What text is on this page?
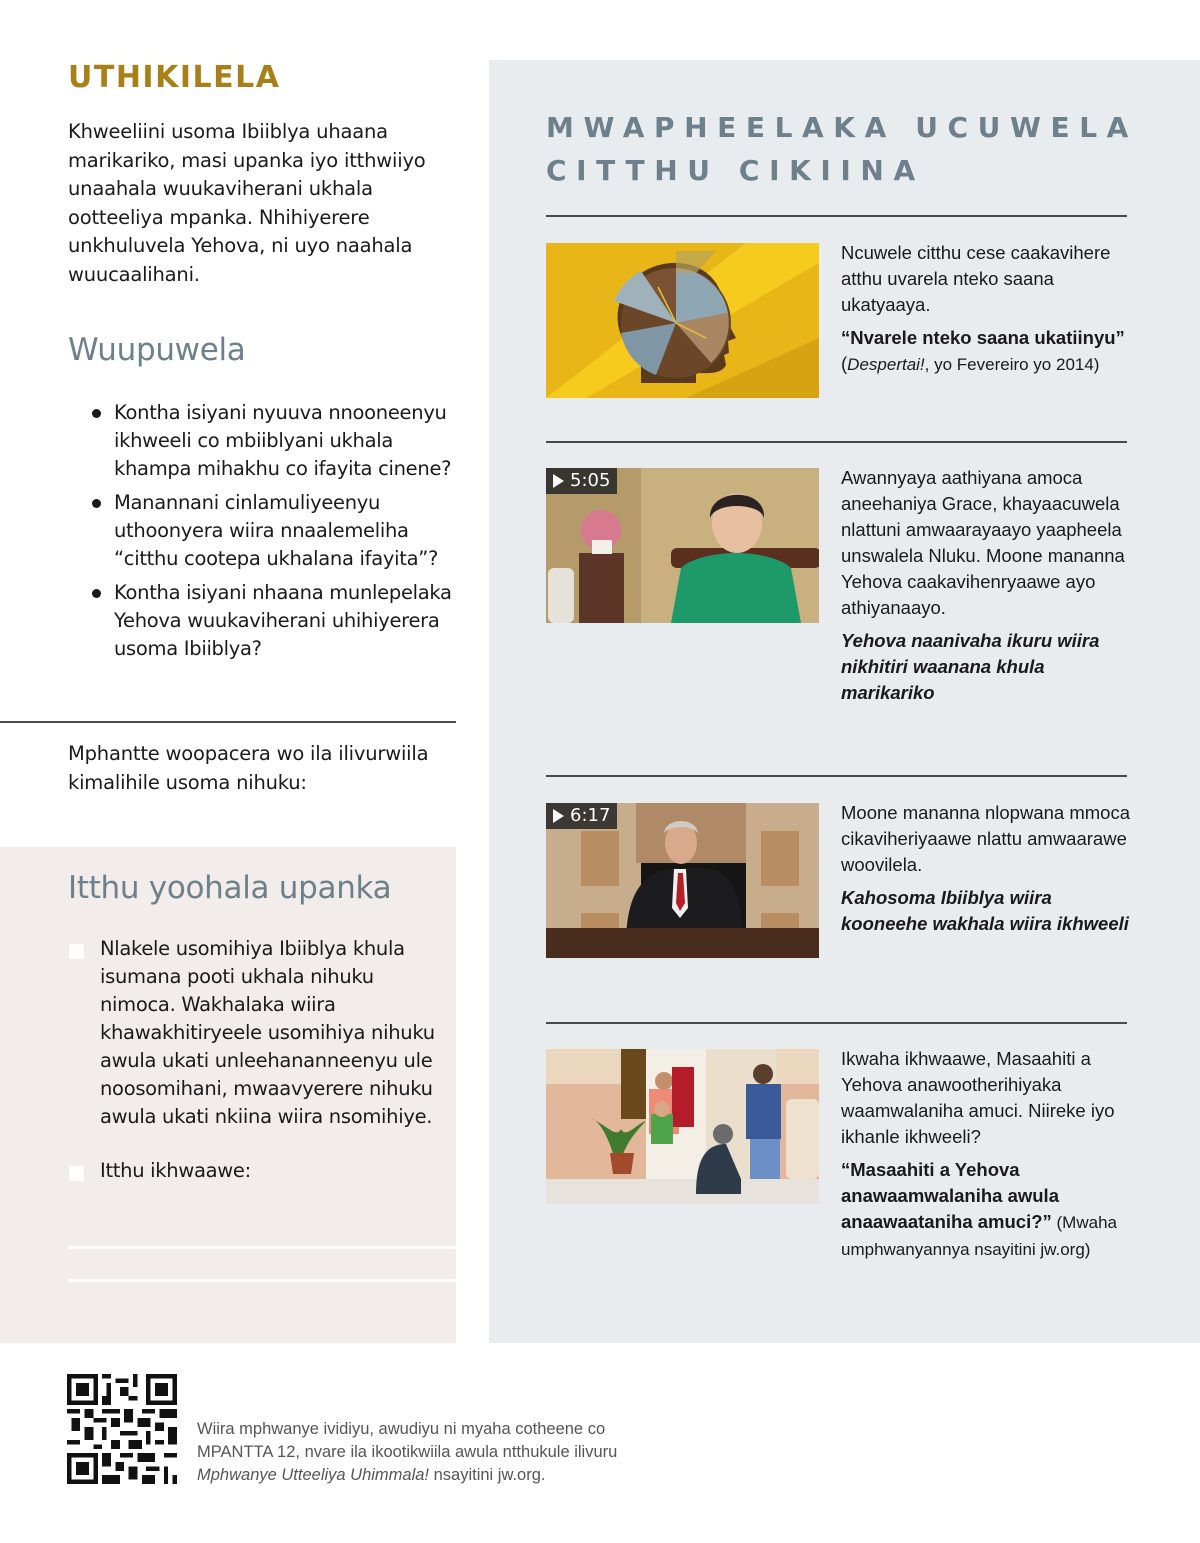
UTHIKILELA

Khweeliini usoma Ibiiblya uhaana marikariko, masi upanka iyo itthwiiyo unaahala wuukaviherani ukhala ootteeliya mpanka. Nhihiyerere unkhuluvela Yehova, ni uyo naahala wuucaalihani.

Wuupuwela
Kontha isiyani nyuuva nnooneenyu ikhweeli co mbiiblyani ukhala khampa mihakhu co ifayita cinene?
Manannani cinlamuliyeenyu uthoonyera wiira nnaalemeliha “citthu cootepa ukhalana ifayita”?
Kontha isiyani nhaana munlepelaka Yehova wuukaviherani uhihiyerera usoma Ibiiblya?

Mphantte woopacera wo ila ilivurwiila kimalihile usoma nihuku:

Itthu yoohala upanka
Nlakele usomihiya Ibiiblya khula isumana pooti ukhala nihuku nimoca. Wakhalaka wiira khawakhitiryeele usomihiya nihuku awula ukati unleehananneenyu ule noosomihani, mwaavyerere nihuku awula ukati nkiina wiira nsomihiye.
Itthu ikhwaawe:
MWAPHEELAKA UCUWELA CITTHU CIKIINA

Ncuwele citthu cese caakavihere atthu uvarela nteko saana ukatyaaya.

“Nvarele nteko saana ukatiinyu” (Despertai!, yo Fevereiro yo 2014)

5:05	Awannyaya aathiyana amoca aneehaniya Grace, khayaacuwela nlattuni amwaarayaayo yaapheela unswalela Nluku. Moone mananna Yehova caakavihenryaawe ayo athiyanaayo.

Yehova naanivaha ikuru wiira nikhitiri waanana khula marikariko

6:17	Moone mananna nlopwana mmoca cikaviheriyaawe nlattu amwaarawe woovilela.

Kahosoma Ibiiblya wiira kooneehe wakhala wiira ikhweeli

Ikwaha ikhwaawe, Masaahiti a Yehova anawootherihiyaka waamwalaniha amuci. Niireke iyo ikhanle ikhweeli?

“Masaahiti a Yehova anawaamwalaniha awula anaawaataniha amuci?” (Mwaha umphwanyannya nsayitini jw.org)

Wiira mphwanye ividiyu, awudiyu ni myaha cotheene co
MPANTTA 12, nvare ila ikootikwiila awula ntthukule ilivuru
Mphwanye Utteeliya Uhimmala! nsayitini jw.org.
